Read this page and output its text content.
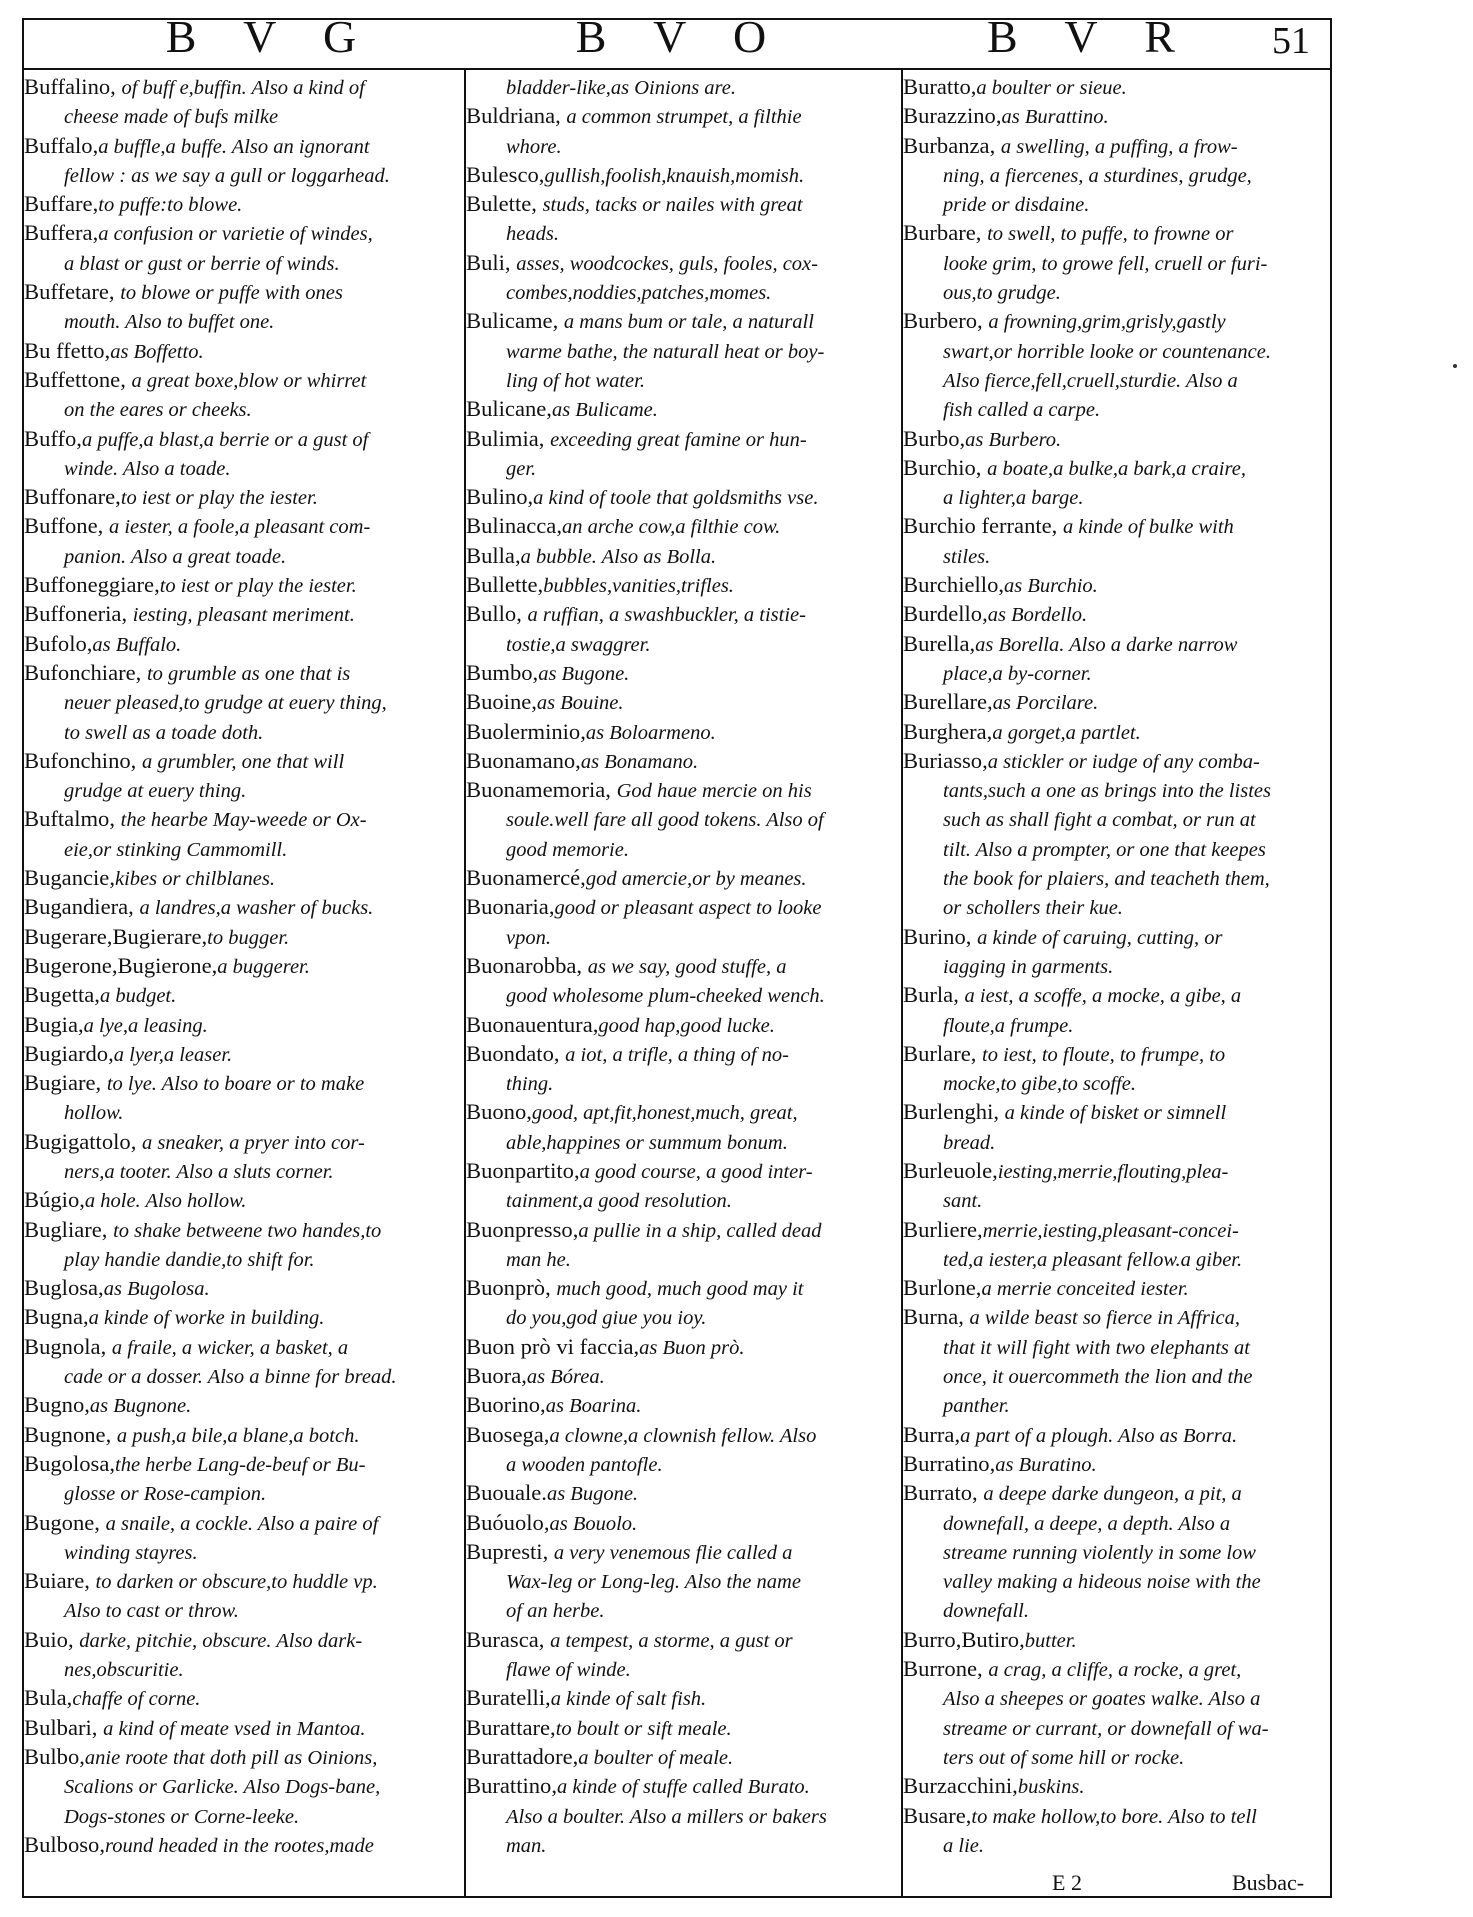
B V G	B V O	B V R	51
Buffalino, of buff e,buffin. Also a kind of
cheese made of bufs milke
Buffalo,a buffle,a buffe. Also an ignorant
fellow : as we say a gull or loggarhead.
Buffare,to puffe:to blowe.
Buffera,a confusion or varietie of windes,
a blast or gust or berrie of winds.
Buffetare, to blowe or puffe with ones
mouth. Also to buffet one.
Bu ffetto,as Boffetto.
Buffettone, a great boxe,blow or whirret
on the eares or cheeks.
Buffo,a puffe,a blast,a berrie or a gust of
winde. Also a toade.
Buffonare,to iest or play the iester.
Buffone, a iester, a foole,a pleasant com-
panion. Also a great toade.
Buffoneggiare,to iest or play the iester.
Buffoneria, iesting, pleasant meriment.
Bufolo,as Buffalo.
Bufonchiare, to grumble as one that is
neuer pleased,to grudge at euery thing,
to swell as a toade doth.
Bufonchino, a grumbler, one that will
grudge at euery thing.
Buftalmo, the hearbe May-weede or Ox-
eie,or stinking Cammomill.
Bugancie,kibes or chilblanes.
Bugandiera, a landres,a washer of bucks.
Bugerare,Bugierare,to bugger.
Bugerone,Bugierone,a buggerer.
Bugetta,a budget.
Bugia,a lye,a leasing.
Bugiardo,a lyer,a leaser.
Bugiare, to lye. Also to boare or to make
hollow.
Bugigattolo, a sneaker, a pryer into cor-
ners,a tooter. Also a sluts corner.
Búgio,a hole. Also hollow.
Bugliare, to shake betweene two handes,to
play handie dandie,to shift for.
Buglosa,as Bugolosa.
Bugna,a kinde of worke in building.
Bugnola, a fraile, a wicker, a basket, a
cade or a dosser. Also a binne for bread.
Bugno,as Bugnone.
Bugnone, a push,a bile,a blane,a botch.
Bugolosa,the herbe Lang-de-beuf or Bu-
glosse or Rose-campion.
Bugone, a snaile, a cockle. Also a paire of
winding stayres.
Buiare, to darken or obscure,to huddle vp.
Also to cast or throw.
Buio, darke, pitchie, obscure. Also dark-
nes,obscuritie.
Bula,chaffe of corne.
Bulbari, a kind of meate vsed in Mantoa.
Bulbo,anie roote that doth pill as Oinions,
Scalions or Garlicke. Also Dogs-bane,
Dogs-stones or Corne-leeke.
Bulboso,round headed in the rootes,made
bladder-like,as Oinions are.
Buldriana, a common strumpet, a filthie
whore.
Bulesco,gullish,foolish,knauish,momish.
Bulette, studs, tacks or nailes with great
heads.
Buli, asses, woodcockes, guls, fooles, cox-
combes,noddies,patches,momes.
Bulicame, a mans bum or tale, a naturall
warme bathe, the naturall heat or boy-
ling of hot water.
Bulicane,as Bulicame.
Bulimia, exceeding great famine or hun-
ger.
Bulino,a kind of toole that goldsmiths vse.
Bulinacca,an arche cow,a filthie cow.
Bulla,a bubble. Also as Bolla.
Bullette,bubbles,vanities,trifles.
Bullo, a ruffian, a swashbuckler, a tistie-
tostie,a swaggrer.
Bumbo,as Bugone.
Buoine,as Bouine.
Buolerminio,as Boloarmeno.
Buonamano,as Bonamano.
Buonamemoria, God haue mercie on his
soule.well fare all good tokens. Also of
good memorie.
Buonamercé,god amercie,or by meanes.
Buonaria,good or pleasant aspect to looke
vpon.
Buonarobba, as we say, good stuffe, a
good wholesome plum-cheeked wench.
Buonauentura,good hap,good lucke.
Buondato, a iot, a trifle, a thing of no-
thing.
Buono,good, apt,fit,honest,much, great,
able,happines or summum bonum.
Buonpartito,a good course, a good inter-
tainment,a good resolution.
Buonpresso,a pullie in a ship, called dead
man he.
Buonprò, much good, much good may it
do you,god giue you ioy.
Buon prò vi faccia,as Buon prò.
Buora,as Bórea.
Buorino,as Boarina.
Buosega,a clowne,a clownish fellow. Also
a wooden pantofle.
Buouale.as Bugone.
Buóuolo,as Bouolo.
Bupresti, a very venemous flie called a
Wax-leg or Long-leg. Also the name
of an herbe.
Burasca, a tempest, a storme, a gust or
flawe of winde.
Buratelli,a kinde of salt fish.
Burattare,to boult or sift meale.
Burattadore,a boulter of meale.
Burattino,a kinde of stuffe called Burato.
Also a boulter. Also a millers or bakers
man.
Buratto,a boulter or sieue.
Burazzino,as Burattino.
Burbanza, a swelling, a puffing, a frow-
ning, a fiercenes, a sturdines, grudge,
pride or disdaine.
Burbare, to swell, to puffe, to frowne or
looke grim, to growe fell, cruell or furi-
ous,to grudge.
Burbero, a frowning,grim,grisly,gastly
swart,or horrible looke or countenance.
Also fierce,fell,cruell,sturdie. Also a
fish called a carpe.
Burbo,as Burbero.
Burchio, a boate,a bulke,a bark,a craire,
a lighter,a barge.
Burchio ferrante, a kinde of bulke with
stiles.
Burchiello,as Burchio.
Burdello,as Bordello.
Burella,as Borella. Also a darke narrow
place,a by-corner.
Burellare,as Porcilare.
Burghera,a gorget,a partlet.
Buriasso,a stickler or iudge of any comba-
tants,such a one as brings into the listes
such as shall fight a combat, or run at
tilt. Also a prompter, or one that keepes
the book for plaiers, and teacheth them,
or schollers their kue.
Burino, a kinde of caruing, cutting, or
iagging in garments.
Burla, a iest, a scoffe, a mocke, a gibe, a
floute,a frumpe.
Burlare, to iest, to floute, to frumpe, to
mocke,to gibe,to scoffe.
Burlenghi, a kinde of bisket or simnell
bread.
Burleuole,iesting,merrie,flouting,plea-
sant.
Burliere,merrie,iesting,pleasant-concei-
ted,a iester,a pleasant fellow.a giber.
Burlone,a merrie conceited iester.
Burna, a wilde beast so fierce in Affrica,
that it will fight with two elephants at
once, it ouercommeth the lion and the
panther.
Burra,a part of a plough. Also as Borra.
Burratino,as Buratino.
Burrato, a deepe darke dungeon, a pit, a
downefall, a deepe, a depth. Also a
streame running violently in some low
valley making a hideous noise with the
downefall.
Burro,Butiro,butter.
Burrone, a crag, a cliffe, a rocke, a gret,
Also a sheepes or goates walke. Also a
streame or currant, or downefall of wa-
ters out of some hill or rocke.
Burzacchini,buskins.
Busare,to make hollow,to bore. Also to tell
a lie.
E 2	Busbac-
